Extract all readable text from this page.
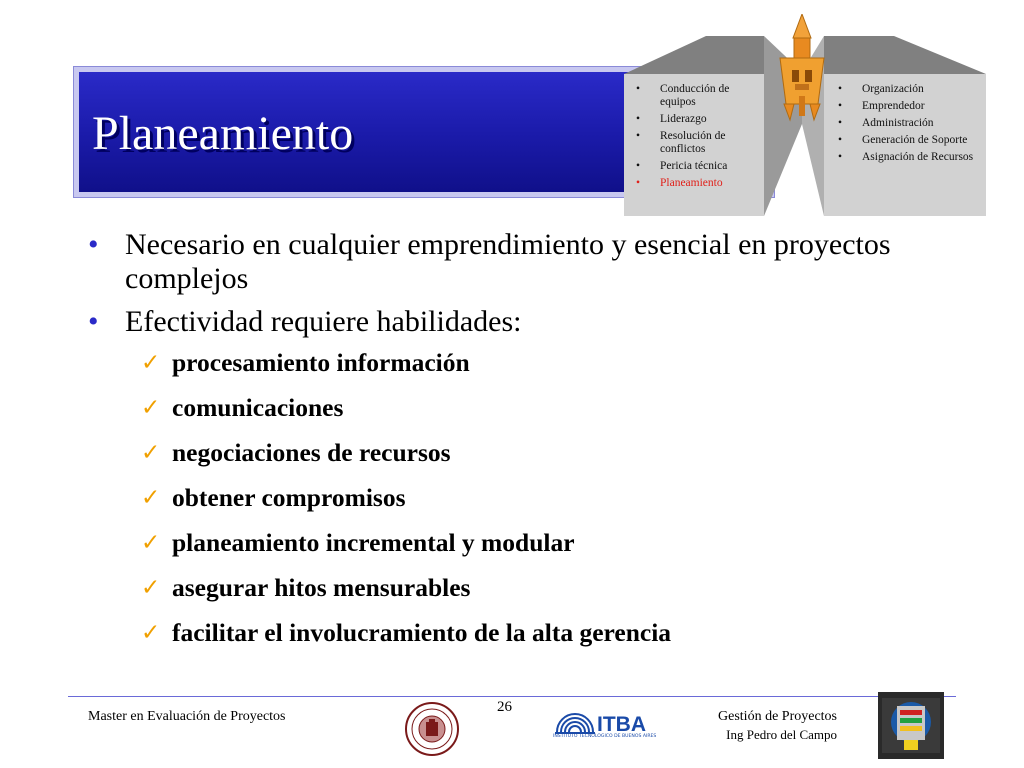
Planeamiento
• Conducción de equipos
• Liderazgo
• Resolución de conflictos
• Pericia técnica
• Planeamiento
• Organización
• Emprendedor
• Administración
• Generación de Soporte
• Asignación de Recursos
• Necesario en cualquier emprendimiento y esencial en proyectos complejos
• Efectividad requiere habilidades:
✓ procesamiento información
✓ comunicaciones
✓ negociaciones de recursos
✓ obtener compromisos
✓ planeamiento incremental y modular
✓ asegurar hitos mensurables
✓ facilitar el involucramiento de la alta gerencia
Master en Evaluación de Proyectos
26
ITBA
INSTITUTO TECNOLOGICO DE BUENOS AIRES
Gestión de Proyectos
Ing Pedro del Campo
